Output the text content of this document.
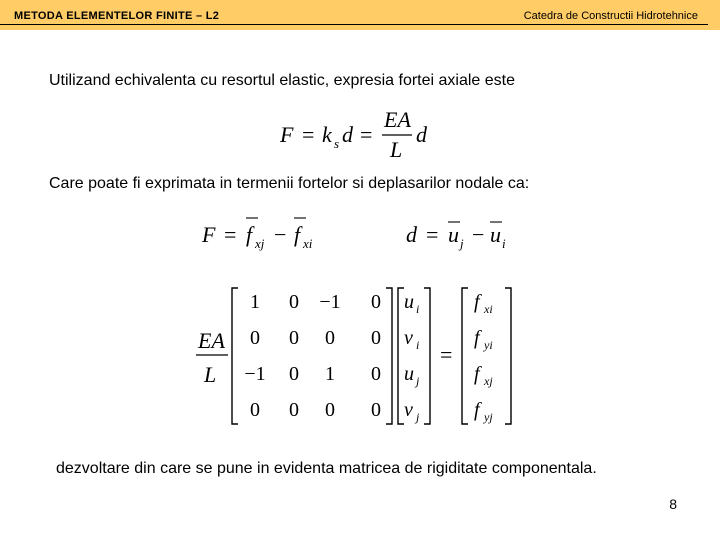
METODA ELEMENTELOR FINITE – L2	Catedra de Constructii Hidrotehnice
Utilizand echivalenta cu resortul elastic, expresia fortei axiale este
F = k s d =
EA
L
d
Care poate fi exprimata in termenii fortelor si deplasarilor nodale ca:
F = f xj − f xi	d = u j − u i
EA
L
1 0 −1 0
0 0 0 0
−1 0 1 0
0 0 0 0
u i
v i
u j
v j
=
f xi
f yi
f xj
f yj
dezvoltare din care se pune in evidenta matricea de rigiditate componentala.
8
